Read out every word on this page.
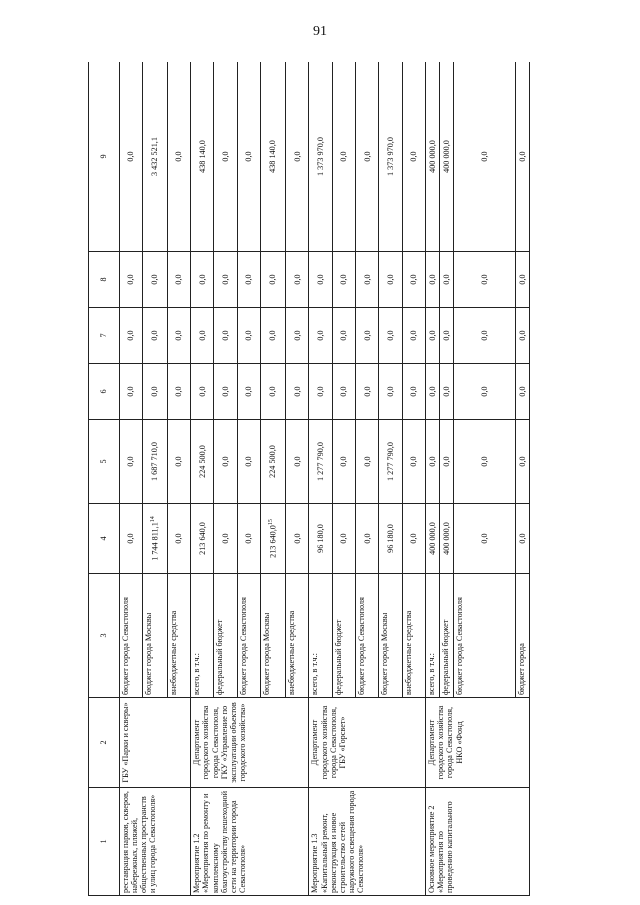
91
1	2	3	4	5	6	7	8	9
реставрация парков, скверов, набережных, пляжей, общественных пространств и улиц города Севастополя»	ГБУ «Парки и скверы»	бюджет города Севастополя	0,0	0,0	0,0	0,0	0,0	0,0
		бюджет города Москвы	1 744 811,1$^{14}$	1 687 710,0	0,0	0,0	0,0	3 432 521,1
		внебюджетные средства	0,0	0,0	0,0	0,0	0,0	0,0
Мероприятие 1.2 «Мероприятия по ремонту и комплексному благоустройству пешеходной сети на территории города Севастополя»	Департамент городского хозяйства города Севастополя, ГКУ «Управление по эксплуатации объектов городского хозяйства»	всего, в т.ч.:	213 640,0	224 500,0	0,0	0,0	0,0	438 140,0
		федеральный бюджет	0,0	0,0	0,0	0,0	0,0	0,0
		бюджет города Севастополя	0,0	0,0	0,0	0,0	0,0	0,0
		бюджет города Москвы	213 640,0$^{15}$	224 500,0	0,0	0,0	0,0	438 140,0
		внебюджетные средства	0,0	0,0	0,0	0,0	0,0	0,0
Мероприятие 1.3 «Капитальный ремонт, реконструкция и новое строительство сетей наружного освещения города Севастополя»	Департамент городского хозяйства города Севастополя, ГБУ «Горсвет»	всего, в т.ч.:	96 180,0	1 277 790,0	0,0	0,0	0,0	1 373 970,0
		федеральный бюджет	0,0	0,0	0,0	0,0	0,0	0,0
		бюджет города Севастополя	0,0	0,0	0,0	0,0	0,0	0,0
		бюджет города Москвы	96 180,0	1 277 790,0	0,0	0,0	0,0	1 373 970,0
		внебюджетные средства	0,0	0,0	0,0	0,0	0,0	0,0
Основное мероприятие 2 «Мероприятия по проведению капитального	Департамент городского хозяйства города Севастополя, НКО «Фонд	всего, в т.ч.:	400 000,0	0,0	0,0	0,0	0,0	400 000,0
		федеральный бюджет	400 000,0	0,0	0,0	0,0	0,0	400 000,0
		бюджет города Севастополя	0,0	0,0	0,0	0,0	0,0	0,0
		бюджет города	0,0	0,0	0,0	0,0	0,0	0,0
